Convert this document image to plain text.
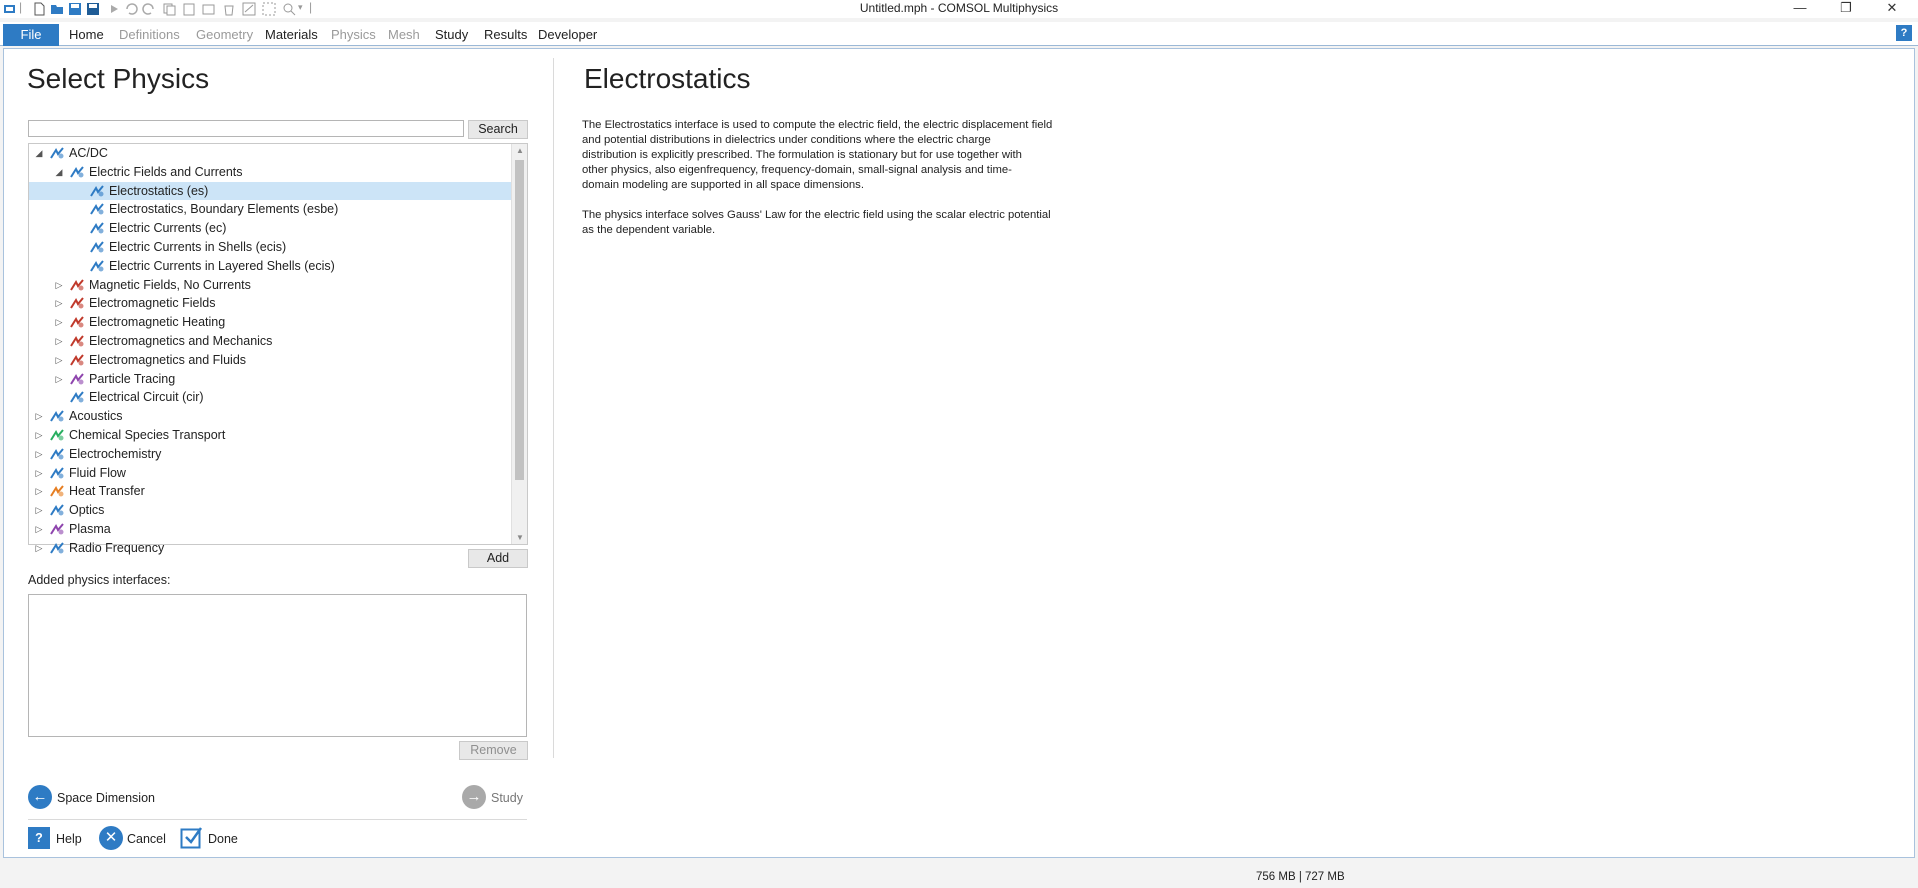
|	▾ |	Untitled.mph - COMSOL Multiphysics	—	❐	✕
File	Home Definitions Geometry Materials Physics Mesh Study Results Developer	?
Select Physics
Search
◢ AC/DC
◢ Electric Fields and Currents
Electrostatics (es)
Electrostatics, Boundary Elements (esbe)
Electric Currents (ec)
Electric Currents in Shells (ecis)
Electric Currents in Layered Shells (ecis)
▷ Magnetic Fields, No Currents
▷ Electromagnetic Fields
▷ Electromagnetic Heating
▷ Electromagnetics and Mechanics
▷ Electromagnetics and Fluids
▷ Particle Tracing
Electrical Circuit (cir)
▷ Acoustics
▷ Chemical Species Transport
▷ Electrochemistry
▷ Fluid Flow
▷ Heat Transfer
▷ Optics
▷ Plasma
▷ Radio Frequency
▲
▼
Add
Added physics interfaces:
Remove
← Space Dimension	→ Study
?	Help	✕ Cancel	Done
Electrostatics
The Electrostatics interface is used to compute the electric field, the electric displacement field
and potential distributions in dielectrics under conditions where the electric charge
distribution is explicitly prescribed. The formulation is stationary but for use together with
other physics, also eigenfrequency, frequency-domain, small-signal analysis and time-
domain modeling are supported in all space dimensions.
The physics interface solves Gauss' Law for the electric field using the scalar electric potential
as the dependent variable.
756 MB | 727 MB
